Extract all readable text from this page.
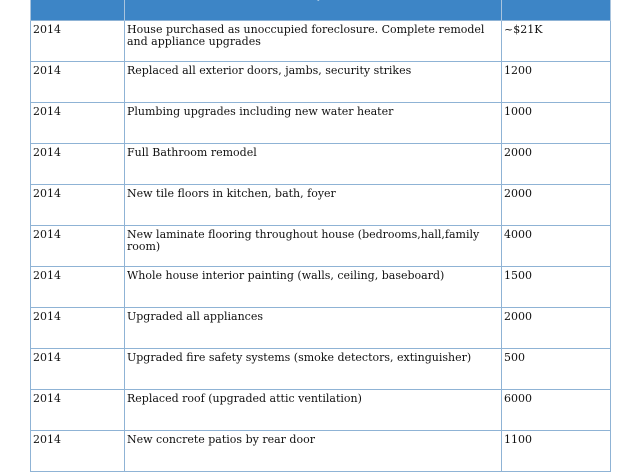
2014	House purchased as unoccupied foreclosure. Complete remodel and appliance upgrades	~$21K
2014	Replaced all exterior doors, jambs, security strikes	1200
2014	Plumbing upgrades including new water heater	1000
2014	Full Bathroom remodel	2000
2014	New tile floors in kitchen, bath, foyer	2000
2014	New laminate flooring throughout house (bedrooms,hall,family room)	4000
2014	Whole house interior painting (walls, ceiling, baseboard)	1500
2014	Upgraded all appliances	2000
2014	Upgraded fire safety systems (smoke detectors, extinguisher)	500
2014	Replaced roof (upgraded attic ventilation)	6000
2014	New concrete patios by rear door	1100
